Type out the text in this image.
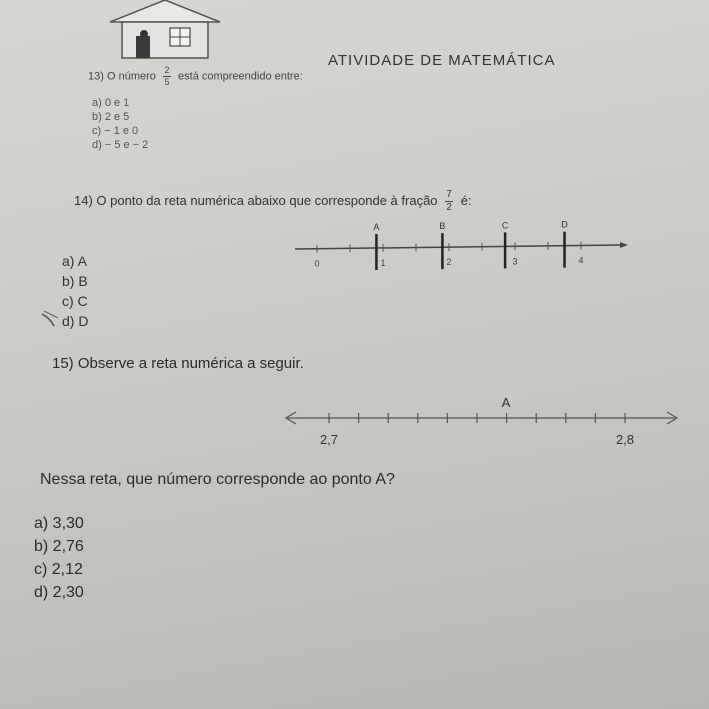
ATIVIDADE DE MATEMÁTICA
13) O número $\frac{2}{5}$ está compreendido entre:
a) 0 e 1
b) 2 e 5
c) − 1 e 0
d) − 5 e − 2
14) O ponto da reta numérica abaixo que corresponde à fração $\frac{7}{2}$ é:
a) A
b) B
c) C
d) D
0	1	2	3	4
A	B	C	D
15) Observe a reta numérica a seguir.
A
2,7	2,8
Nessa reta, que número corresponde ao ponto A?
a) 3,30
b) 2,76
c) 2,12
d) 2,30
